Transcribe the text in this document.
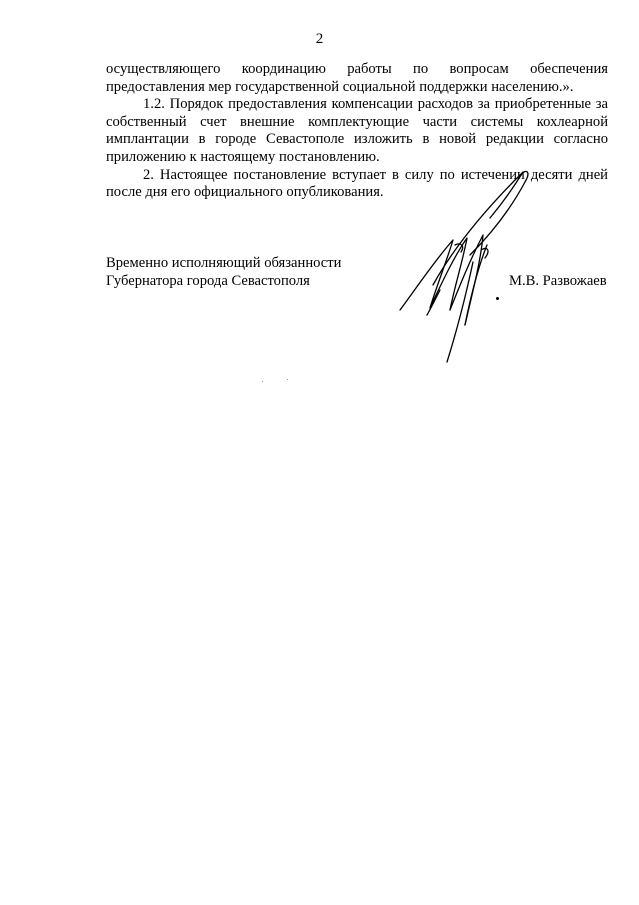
2

осуществляющего координацию работы по вопросам обеспечения предоставления мер государственной социальной поддержки населению.».

1.2. Порядок предоставления компенсации расходов за приобретенные за собственный счет внешние комплектующие части системы кохлеарной имплантации в городе Севастополе изложить в новой редакции согласно приложению к настоящему постановлению.

2. Настоящее постановление вступает в силу по истечении десяти дней после дня его официального опубликования.

Временно исполняющий обязанности
Губернатора города Севастополя	М.В. Развожаев
